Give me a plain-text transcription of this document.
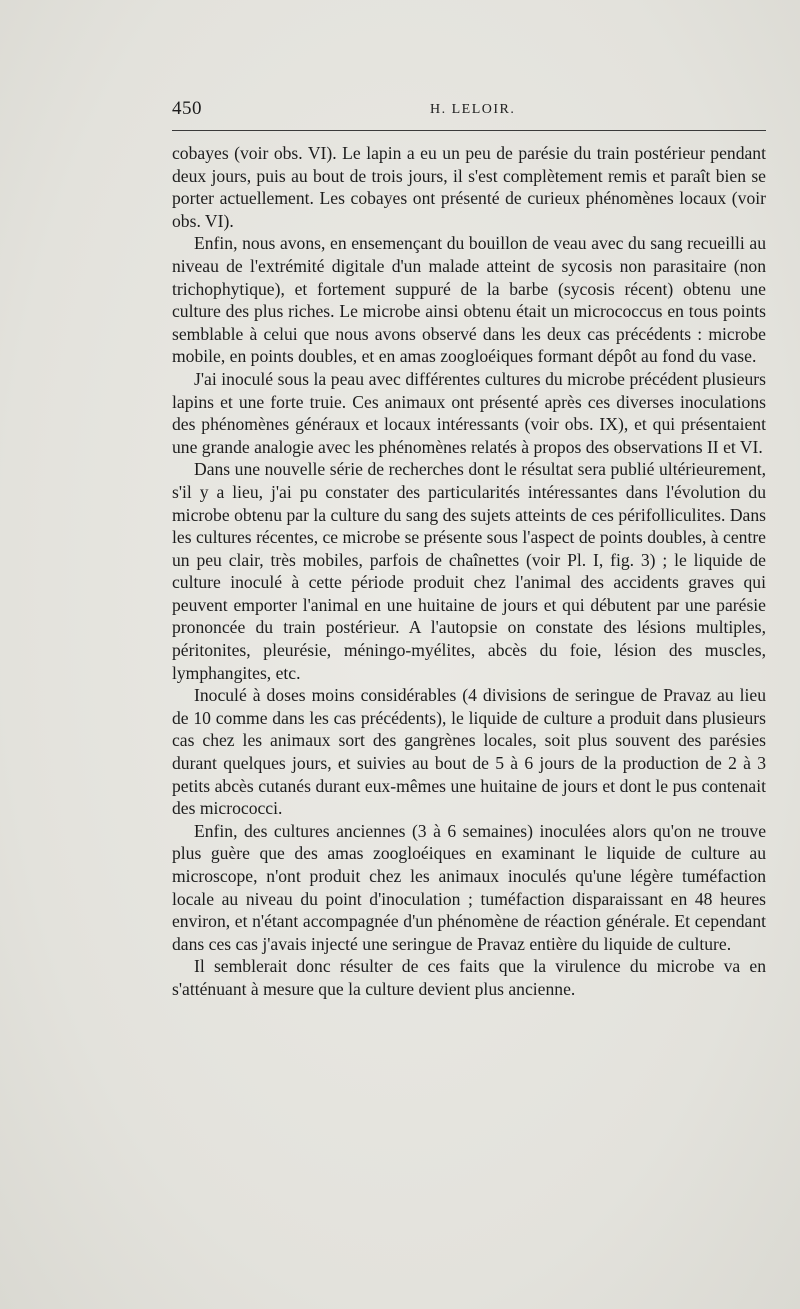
450	H. LELOIR.

cobayes (voir obs. VI). Le lapin a eu un peu de parésie du train postérieur pendant deux jours, puis au bout de trois jours, il s'est complètement remis et paraît bien se porter actuellement. Les cobayes ont présenté de curieux phénomènes locaux (voir obs. VI).

Enfin, nous avons, en ensemençant du bouillon de veau avec du sang recueilli au niveau de l'extrémité digitale d'un malade atteint de sycosis non parasitaire (non trichophytique), et fortement suppuré de la barbe (sycosis récent) obtenu une culture des plus riches. Le microbe ainsi obtenu était un micrococcus en tous points semblable à celui que nous avons observé dans les deux cas précédents : microbe mobile, en points doubles, et en amas zoogloéiques formant dépôt au fond du vase.

J'ai inoculé sous la peau avec différentes cultures du microbe précédent plusieurs lapins et une forte truie. Ces animaux ont présenté après ces diverses inoculations des phénomènes généraux et locaux intéressants (voir obs. IX), et qui présentaient une grande analogie avec les phénomènes relatés à propos des observations II et VI.

Dans une nouvelle série de recherches dont le résultat sera publié ultérieurement, s'il y a lieu, j'ai pu constater des particularités intéressantes dans l'évolution du microbe obtenu par la culture du sang des sujets atteints de ces périfolliculites. Dans les cultures récentes, ce microbe se présente sous l'aspect de points doubles, à centre un peu clair, très mobiles, parfois de chaînettes (voir Pl. I, fig. 3) ; le liquide de culture inoculé à cette période produit chez l'animal des accidents graves qui peuvent emporter l'animal en une huitaine de jours et qui débutent par une parésie prononcée du train postérieur. A l'autopsie on constate des lésions multiples, péritonites, pleurésie, méningo-myélites, abcès du foie, lésion des muscles, lymphangites, etc.

Inoculé à doses moins considérables (4 divisions de seringue de Pravaz au lieu de 10 comme dans les cas précédents), le liquide de culture a produit dans plusieurs cas chez les animaux sort des gangrènes locales, soit plus souvent des parésies durant quelques jours, et suivies au bout de 5 à 6 jours de la production de 2 à 3 petits abcès cutanés durant eux-mêmes une huitaine de jours et dont le pus contenait des micrococci.

Enfin, des cultures anciennes (3 à 6 semaines) inoculées alors qu'on ne trouve plus guère que des amas zoogloéiques en examinant le liquide de culture au microscope, n'ont produit chez les animaux inoculés qu'une légère tuméfaction locale au niveau du point d'inoculation ; tuméfaction disparaissant en 48 heures environ, et n'étant accompagnée d'un phénomène de réaction générale. Et cependant dans ces cas j'avais injecté une seringue de Pravaz entière du liquide de culture.

Il semblerait donc résulter de ces faits que la virulence du microbe va en s'atténuant à mesure que la culture devient plus ancienne.
